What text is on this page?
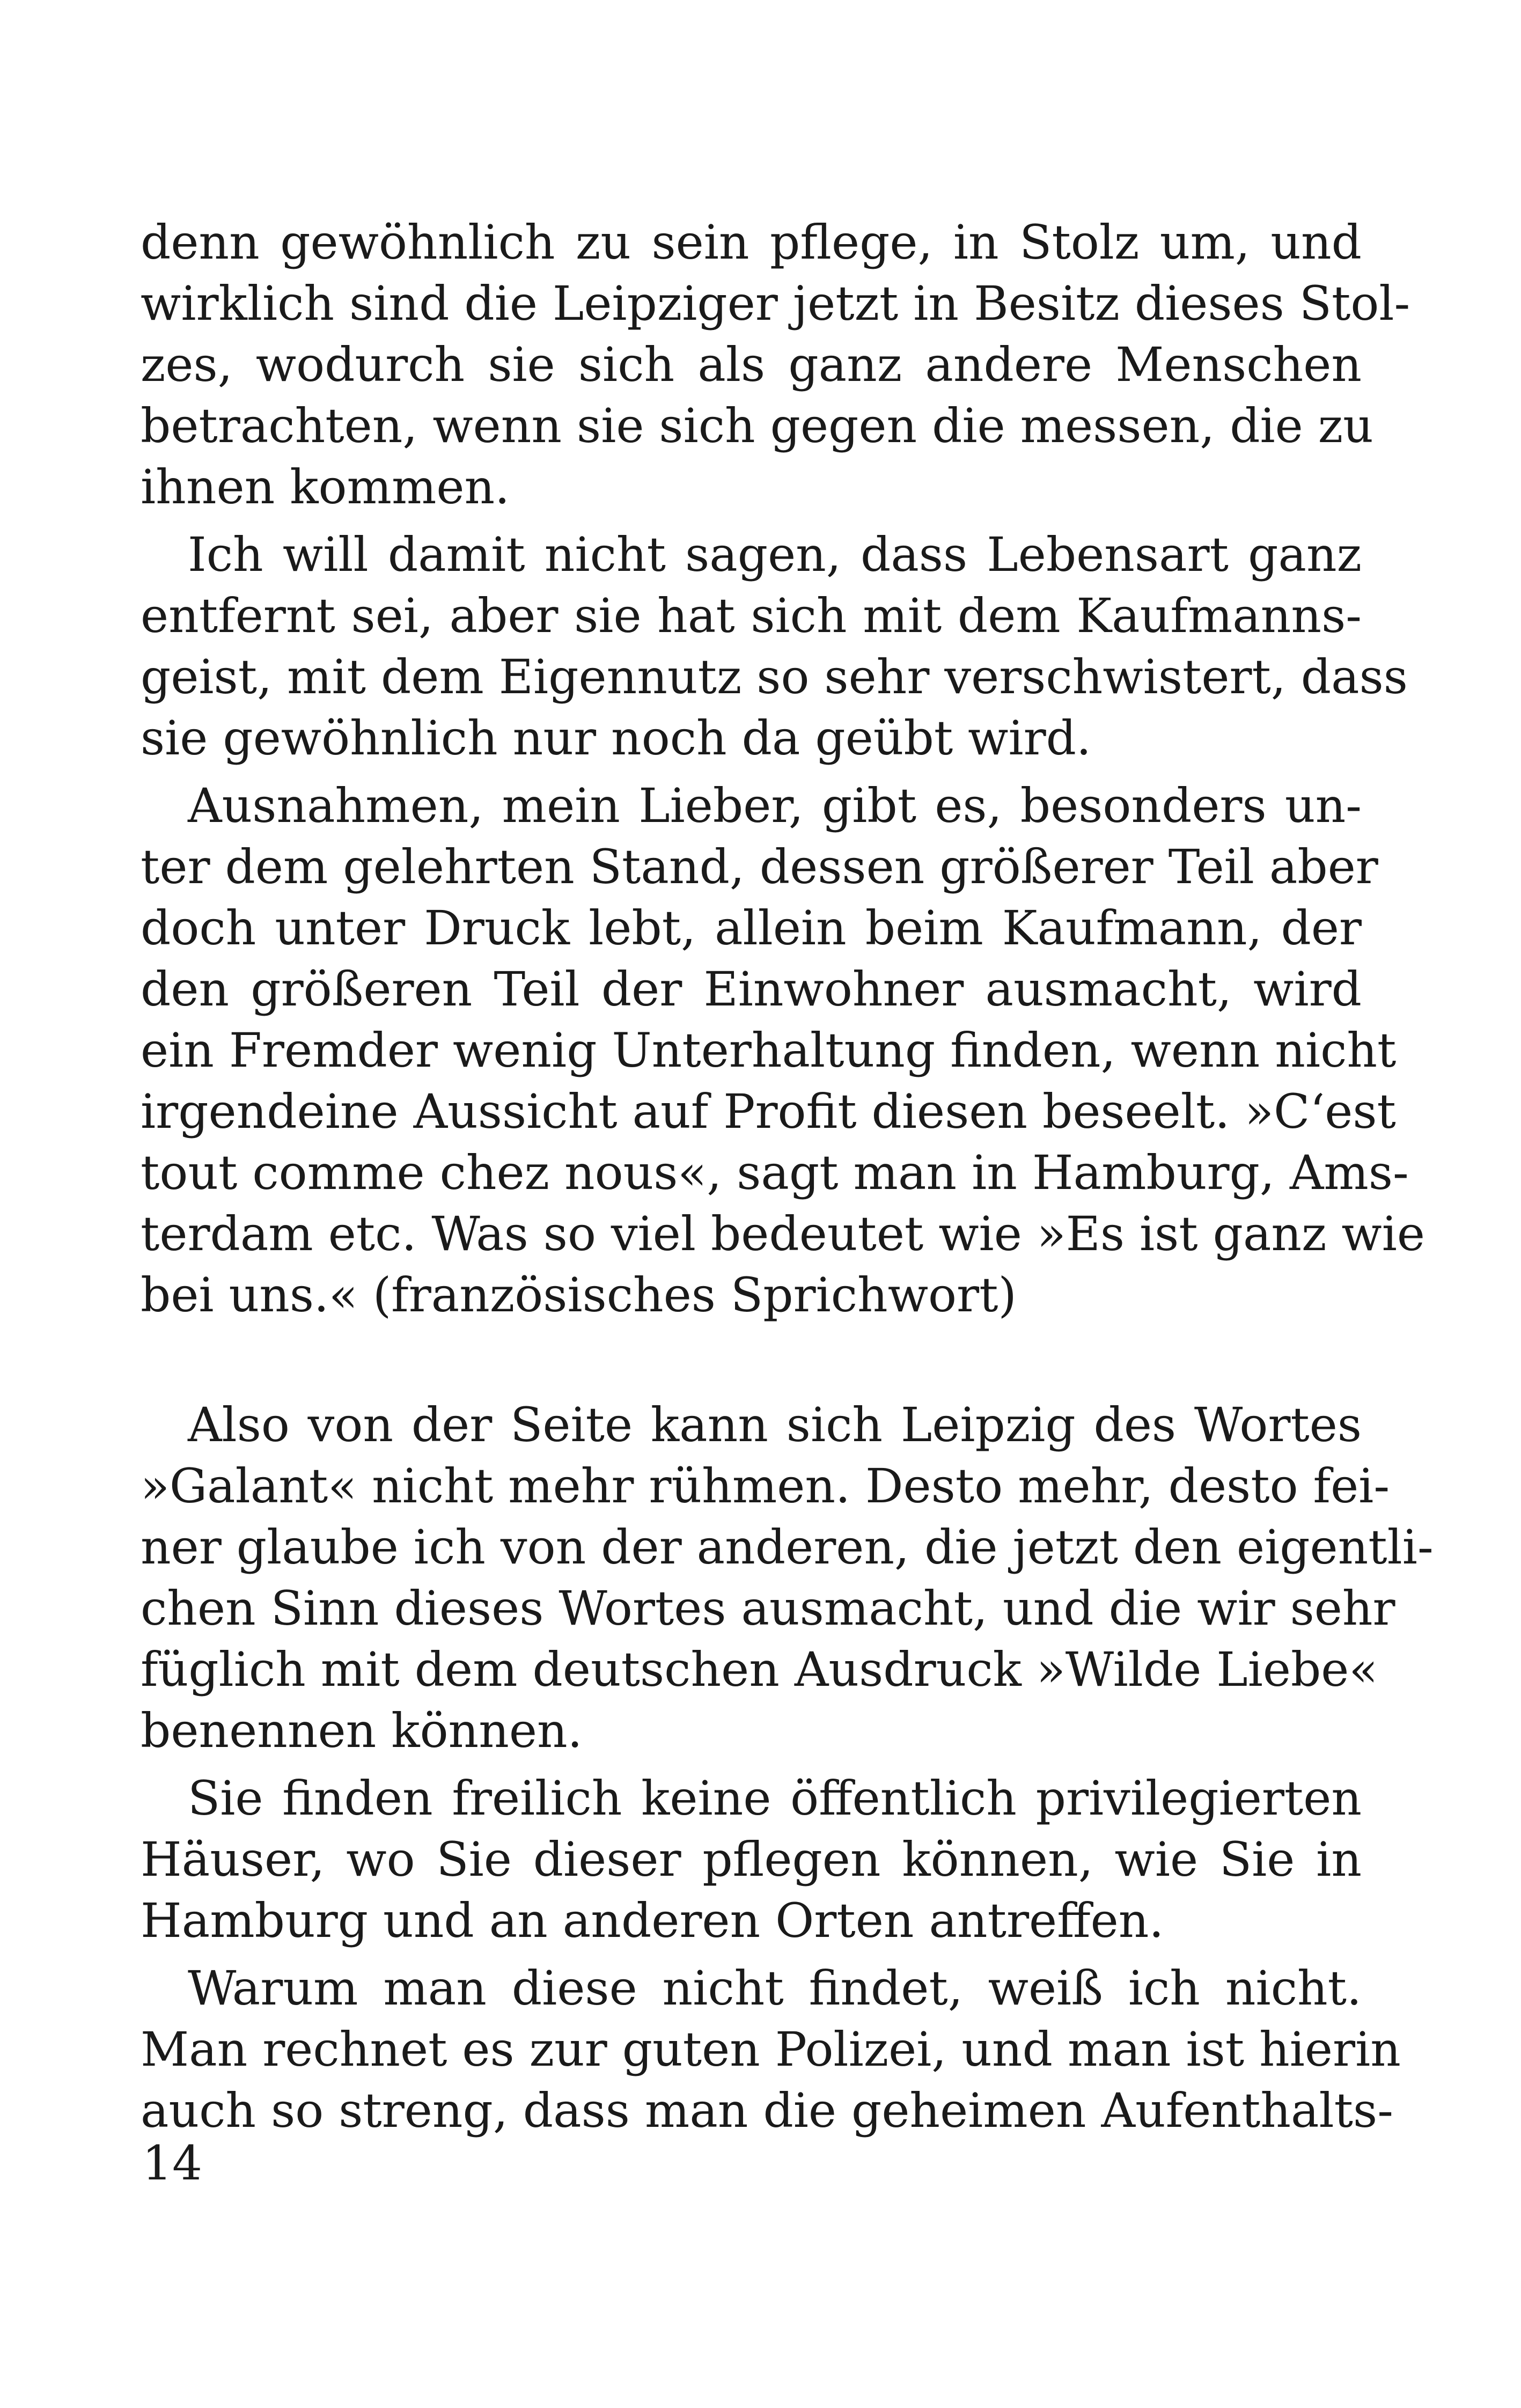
denn gewöhnlich zu sein pflege, in Stolz um, und
wirklich sind die Leipziger jetzt in Besitz dieses Stol-
zes, wodurch sie sich als ganz andere Menschen
betrachten, wenn sie sich gegen die messen, die zu
ihnen kommen.

Ich will damit nicht sagen, dass Lebensart ganz
entfernt sei, aber sie hat sich mit dem Kaufmanns-
geist, mit dem Eigennutz so sehr verschwistert, dass
sie gewöhnlich nur noch da geübt wird.

Ausnahmen, mein Lieber, gibt es, besonders un-
ter dem gelehrten Stand, dessen größerer Teil aber
doch unter Druck lebt, allein beim Kaufmann, der
den größeren Teil der Einwohner ausmacht, wird
ein Fremder wenig Unterhaltung finden, wenn nicht
irgendeine Aussicht auf Profit diesen beseelt. »C‘est
tout comme chez nous«, sagt man in Hamburg, Ams-
terdam etc. Was so viel bedeutet wie »Es ist ganz wie
bei uns.« (französisches Sprichwort)

Also von der Seite kann sich Leipzig des Wortes
»Galant« nicht mehr rühmen. Desto mehr, desto fei-
ner glaube ich von der anderen, die jetzt den eigentli-
chen Sinn dieses Wortes ausmacht, und die wir sehr
füglich mit dem deutschen Ausdruck »Wilde Liebe«
benennen können.

Sie finden freilich keine öffentlich privilegierten
Häuser, wo Sie dieser pflegen können, wie Sie in
Hamburg und an anderen Orten antreffen.

Warum man diese nicht findet, weiß ich nicht.
Man rechnet es zur guten Polizei, und man ist hierin
auch so streng, dass man die geheimen Aufenthalts-

14
